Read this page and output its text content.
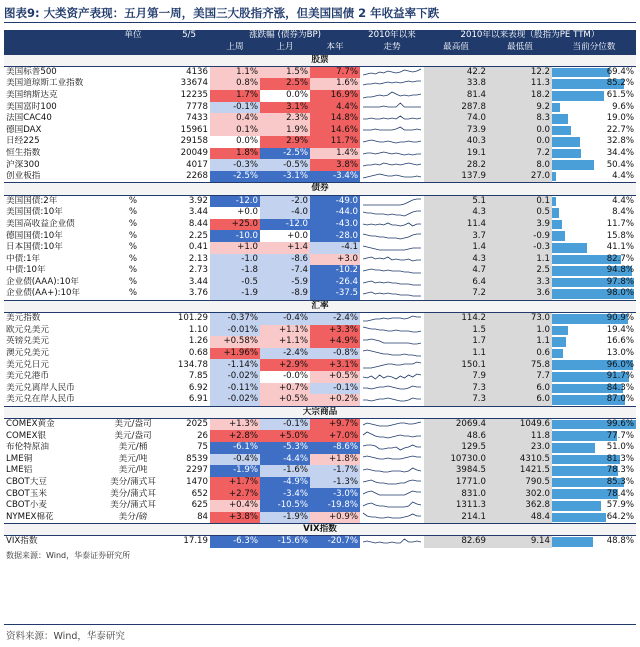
图表9: 大类资产表现：五月第一周，美国三大股指齐涨，但美国国债 2 年收益率下跌
	单位	5/5	涨跌幅 (债券为BP)			2010年以来	2010年以来表现（股指为PE TTM）		
			上周	上月	本年	走势	最高值	最低值	当前分位数
股票									
美国标普500		4136	1.1%	1.5%	7.7%		42.2	12.2	69.4%

美国道琼斯工业指数		33674	0.8%	2.5%	1.6%		33.8	11.3	85.2%

美国纳斯达克		12235	1.7%	0.0%	16.9%		81.4	18.2	61.5%

美国富时100		7778	-0.1%	3.1%	4.4%		287.8	9.2	9.6%

法国CAC40		7433	0.4%	2.3%	14.8%		74.0	8.3	19.0%

德国DAX		15961	0.1%	1.9%	14.6%		73.9	0.0	22.7%

日经225		29158	0.0%	2.9%	11.7%		40.3	0.0	32.8%

恒生指数		20049	1.8%	-2.5%	1.4%		19.1	7.2	34.4%

沪深300		4017	-0.3%	-0.5%	3.8%		28.2	8.0	50.4%

创业板指		2268	-2.5%	-3.1%	-3.4%		137.9	27.0	4.4%

债券									
美国国债:2年	%	3.92	-12.0	-2.0	-49.0		5.1	0.1	4.4%

美国国债:10年	%	3.44	+0.0	-4.0	-44.0		4.3	0.5	8.4%

美国高收益企业债	%	8.44	+25.0	-12.0	-43.0		11.4	3.9	11.7%

德国国债:10年	%	2.25	-10.0	+0.0	-28.0		3.7	-0.9	15.8%

日本国债:10年	%	0.41	+1.0	+1.4	-4.1		1.4	-0.3	41.1%

中债:1年	%	2.13	-1.0	-8.6	+3.0		4.3	1.1	82.7%

中债:10年	%	2.73	-1.8	-7.4	-10.2		4.7	2.5	94.8%

企业债(AAA):10年	%	3.44	-0.5	-5.9	-26.4		6.4	3.3	97.8%

企业债(AA+):10年	%	3.76	-1.9	-8.9	-37.5		7.2	3.6	98.0%

汇率									
美元指数		101.29	-0.37%	-0.4%	-2.4%		114.2	73.0	90.9%

欧元兑美元		1.10	-0.01%	+1.1%	+3.3%		1.5	1.0	19.4%

英镑兑美元		1.26	+0.58%	+1.1%	+4.9%		1.7	1.1	16.6%

澳元兑美元		0.68	+1.96%	-2.4%	-0.8%		1.1	0.6	13.0%

美元兑日元		134.78	-1.14%	+2.9%	+3.1%		150.1	75.8	96.0%

美元兑港币		7.85	-0.02%	-0.0%	+0.5%		7.9	7.7	91.7%

美元兑离岸人民币		6.92	-0.11%	+0.7%	-0.1%		7.3	6.0	84.3%

美元兑在岸人民币		6.91	-0.02%	+0.5%	+0.2%		7.3	6.0	87.0%

大宗商品									
COMEX黄金	美元/盎司	2025	+1.3%	-0.1%	+9.7%		2069.4	1049.6	99.6%

COMEX银	美元/盎司	26	+2.8%	+5.0%	+7.0%		48.6	11.8	77.7%

布伦特原油	美元/桶	75	-6.1%	-5.3%	-8.6%		129.5	23.0	51.0%

LME铜	美元/吨	8539	-0.4%	-4.4%	+1.8%		10730.0	4310.5	81.3%

LME铝	美元/吨	2297	-1.9%	-1.6%	-1.7%		3984.5	1421.5	78.3%

CBOT大豆	美分/蒲式耳	1470	+1.7%	-4.9%	-1.3%		1771.0	790.5	85.3%

CBOT玉米	美分/蒲式耳	652	+2.7%	-3.4%	-3.0%		831.0	302.0	78.4%

CBOT小麦	美分/蒲式耳	625	+0.4%	-10.5%	-19.8%		1311.3	362.8	57.9%

NYMEX棉花	美分/磅	84	+3.8%	-1.9%	+0.9%		214.1	48.4	64.2%

VIX指数									
VIX指数		17.19	-6.3%	-15.6%	-20.7%		82.69	9.14	48.8%
数据来源：Wind，华泰证券研究所
资料来源：Wind，华泰研究
